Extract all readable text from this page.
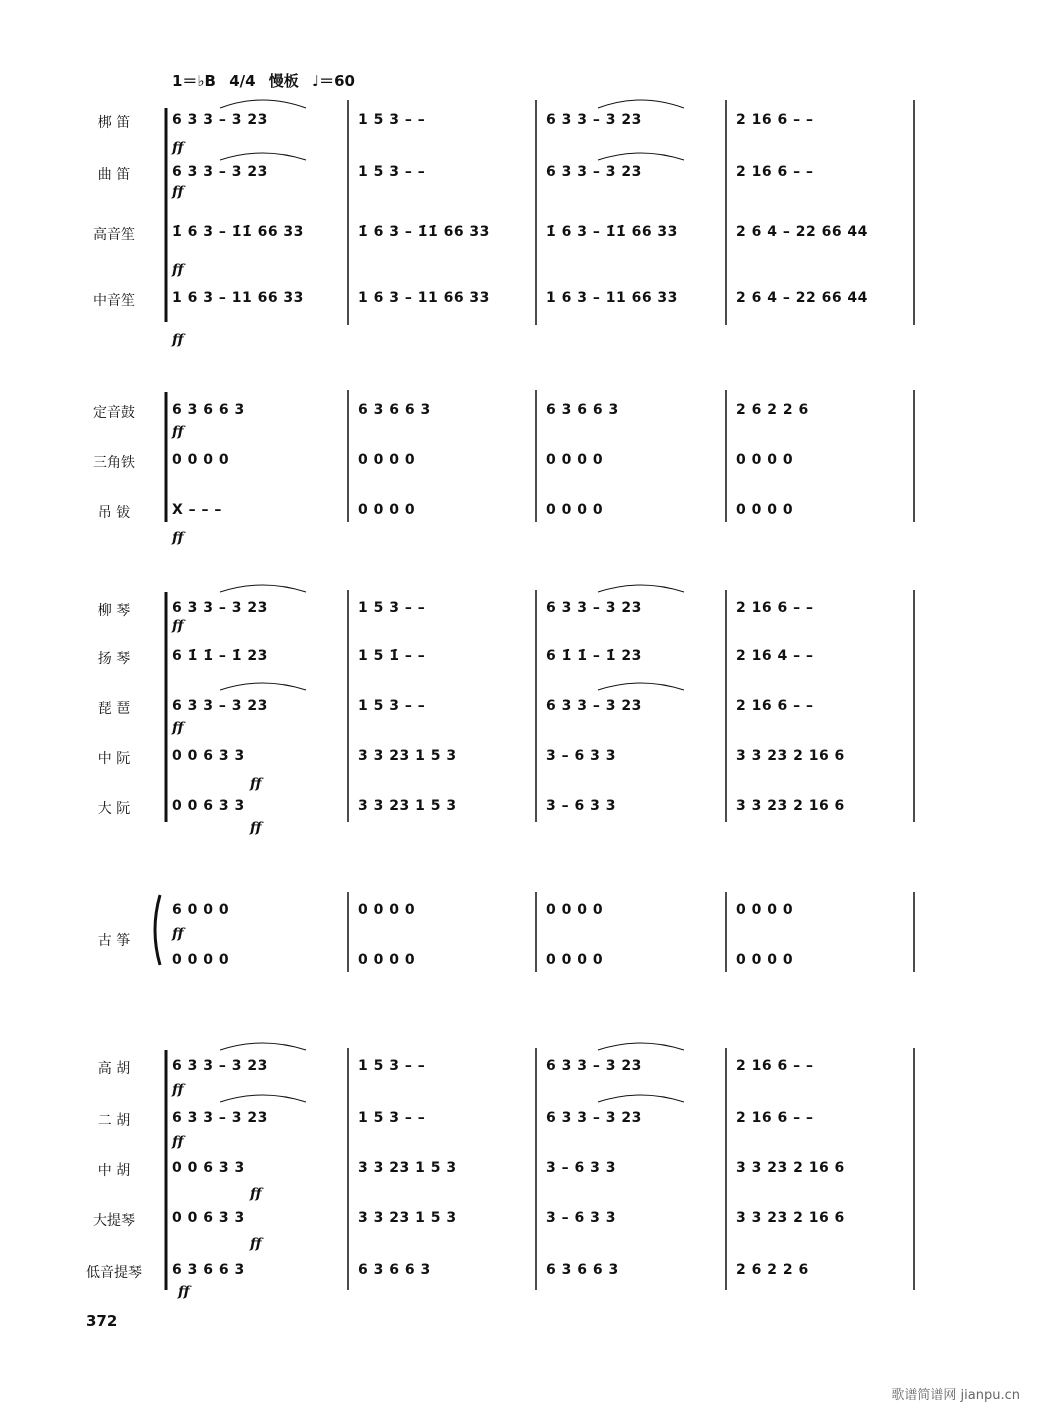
1＝♭B 4/4 慢板 ♩＝60
梆 笛	6 3 3 – 3 23	1 5 3 – –	6 3 3 – 3 23	2 16 6 – –
曲 笛	6 3 3 – 3 23	1 5 3 – –	6 3 3 – 3 23	2 16 6 – –
高音笙	1̇ 6 3 – 1̇1̇ 66 33	1̇ 6 3 – 1̇1̇ 66 33	1̇ 6 3 – 1̇1̇ 66 33	2 6 4 – 22 66 44
中音笙	1 6 3 – 11 66 33	1 6 3 – 11 66 33	1 6 3 – 11 66 33	2 6 4 – 22 66 44
定音鼓	6 3 6 6 3	6 3 6 6 3	6 3 6 6 3	2 6 2 2 6
三角铁	0 0 0 0	0 0 0 0	0 0 0 0	0 0 0 0
吊 钹	X – – –	0 0 0 0	0 0 0 0	0 0 0 0
柳 琴	6 3 3 – 3 23	1 5 3 – –	6 3 3 – 3 23	2 16 6 – –
扬 琴	6 1̇ 1̇ – 1̇ 23	1 5 1̇ – –	6 1̇ 1̇ – 1̇ 23	2 16 4 – –
琵 琶	6 3 3 – 3 23	1 5 3 – –	6 3 3 – 3 23	2 16 6 – –
中 阮	0 0 6 3 3	3 3 23 1 5 3	3 – 6 3 3	3 3 23 2 16 6
大 阮	0 0 6 3 3	3 3 23 1 5 3	3 – 6 3 3	3 3 23 2 16 6
古 筝
6 0 0 0	0 0 0 0	0 0 0 0	0 0 0 0
0 0 0 0	0 0 0 0	0 0 0 0	0 0 0 0
高 胡	6 3 3 – 3 23	1 5 3 – –	6 3 3 – 3 23	2 16 6 – –
二 胡	6 3 3 – 3 23	1 5 3 – –	6 3 3 – 3 23	2 16 6 – –
中 胡	0 0 6 3 3	3 3 23 1 5 3	3 – 6 3 3	3 3 23 2 16 6
大提琴	0 0 6 3 3	3 3 23 1 5 3	3 – 6 3 3	3 3 23 2 16 6
低音提琴	6 3 6 6 3	6 3 6 6 3	6 3 6 6 3	2 6 2 2 6
ff
ff
ff
ff
ff
ff
ff
ff
ff
ff
ff
ff
ff
ff
ff
ff
372
歌谱简谱网 jianpu.cn
